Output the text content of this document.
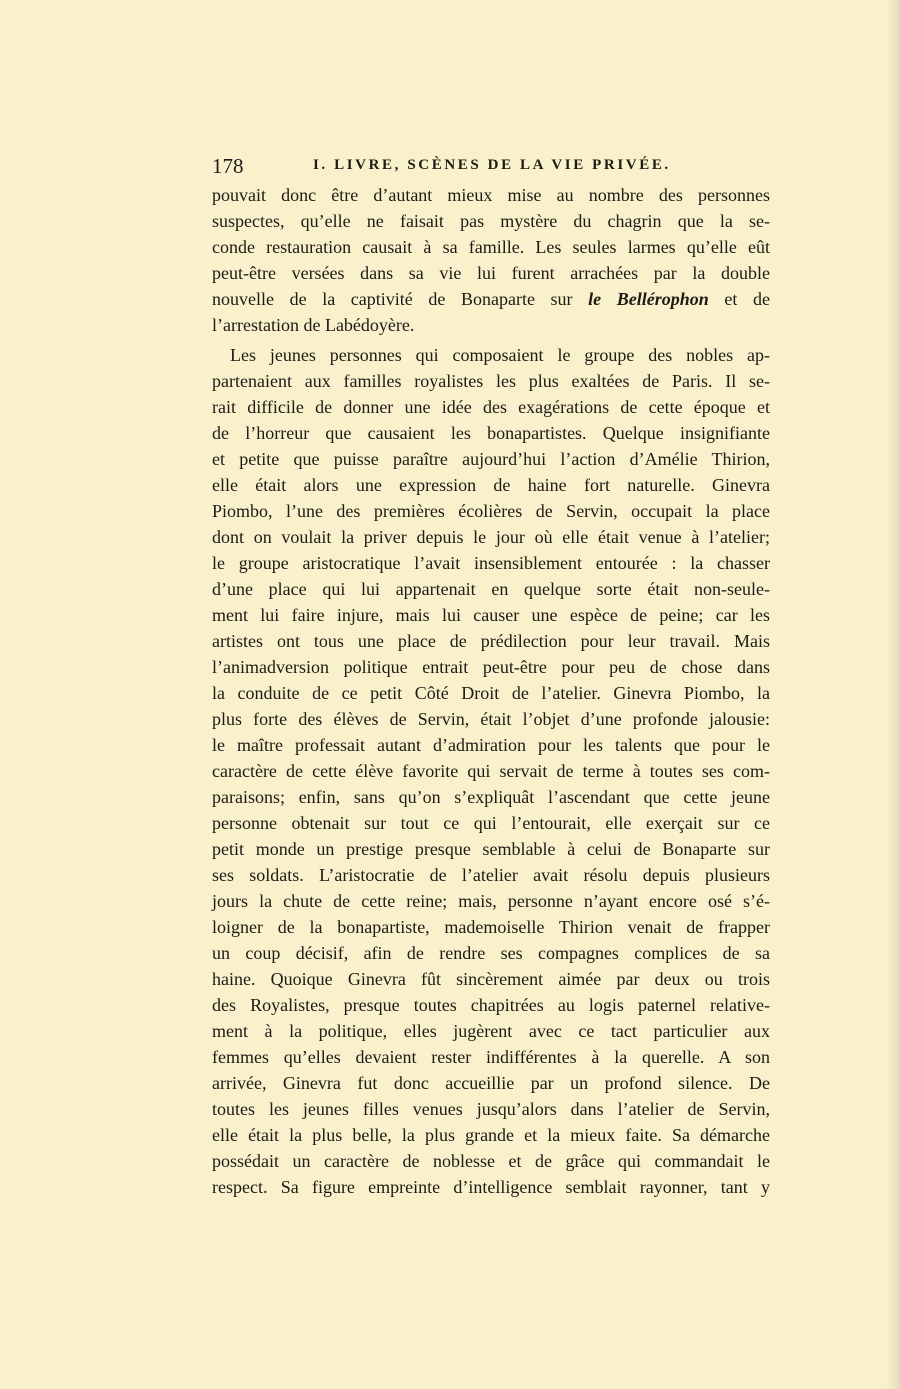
178	I. LIVRE, SCÈNES DE LA VIE PRIVÉE.
pouvait donc être d’autant mieux mise au nombre des personnes
suspectes, qu’elle ne faisait pas mystère du chagrin que la se-
conde restauration causait à sa famille. Les seules larmes qu’elle eût
peut-être versées dans sa vie lui furent arrachées par la double
nouvelle de la captivité de Bonaparte sur le Bellérophon et de
l’arrestation de Labédoyère.
Les jeunes personnes qui composaient le groupe des nobles ap-
partenaient aux familles royalistes les plus exaltées de Paris. Il se-
rait difficile de donner une idée des exagérations de cette époque et
de l’horreur que causaient les bonapartistes. Quelque insignifiante
et petite que puisse paraître aujourd’hui l’action d’Amélie Thirion,
elle était alors une expression de haine fort naturelle. Ginevra
Piombo, l’une des premières écolières de Servin, occupait la place
dont on voulait la priver depuis le jour où elle était venue à l’atelier;
le groupe aristocratique l’avait insensiblement entourée : la chasser
d’une place qui lui appartenait en quelque sorte était non-seule-
ment lui faire injure, mais lui causer une espèce de peine; car les
artistes ont tous une place de prédilection pour leur travail. Mais
l’animadversion politique entrait peut-être pour peu de chose dans
la conduite de ce petit Côté Droit de l’atelier. Ginevra Piombo, la
plus forte des élèves de Servin, était l’objet d’une profonde jalousie:
le maître professait autant d’admiration pour les talents que pour le
caractère de cette élève favorite qui servait de terme à toutes ses com-
paraisons; enfin, sans qu’on s’expliquât l’ascendant que cette jeune
personne obtenait sur tout ce qui l’entourait, elle exerçait sur ce
petit monde un prestige presque semblable à celui de Bonaparte sur
ses soldats. L’aristocratie de l’atelier avait résolu depuis plusieurs
jours la chute de cette reine; mais, personne n’ayant encore osé s’é-
loigner de la bonapartiste, mademoiselle Thirion venait de frapper
un coup décisif, afin de rendre ses compagnes complices de sa
haine. Quoique Ginevra fût sincèrement aimée par deux ou trois
des Royalistes, presque toutes chapitrées au logis paternel relative-
ment à la politique, elles jugèrent avec ce tact particulier aux
femmes qu’elles devaient rester indifférentes à la querelle. A son
arrivée, Ginevra fut donc accueillie par un profond silence. De
toutes les jeunes filles venues jusqu’alors dans l’atelier de Servin,
elle était la plus belle, la plus grande et la mieux faite. Sa démarche
possédait un caractère de noblesse et de grâce qui commandait le
respect. Sa figure empreinte d’intelligence semblait rayonner, tant y
